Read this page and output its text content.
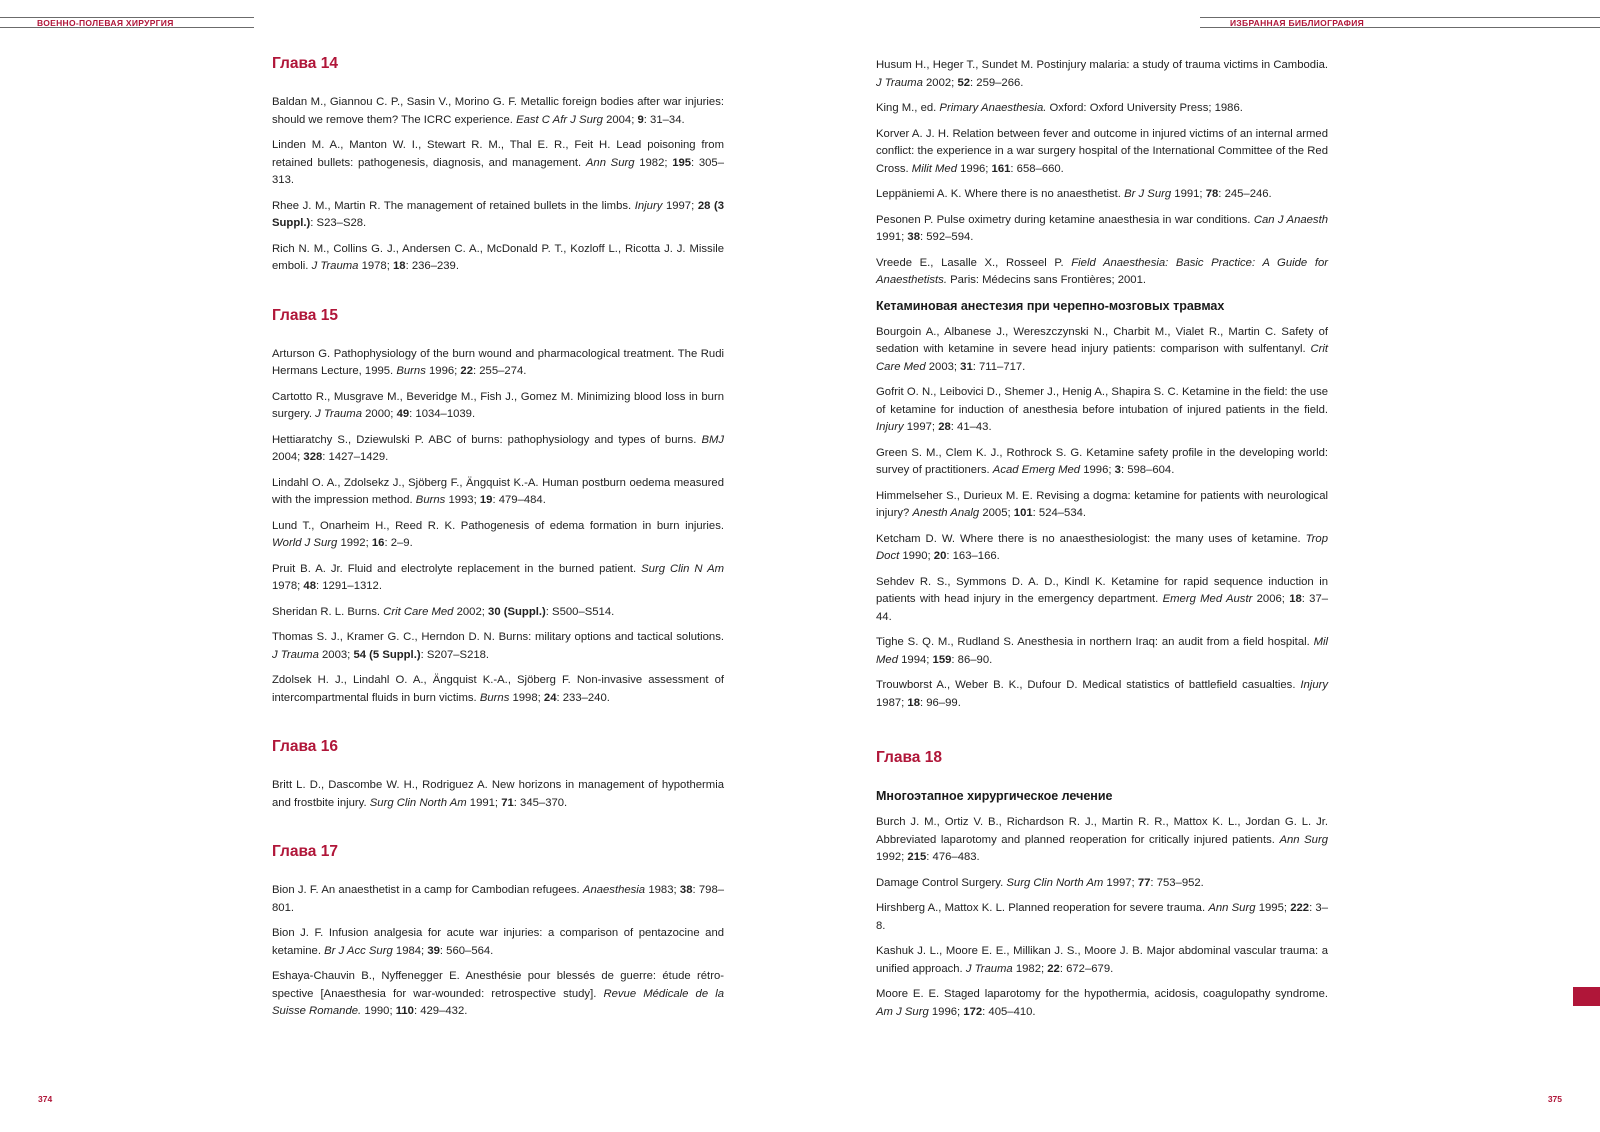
ВОЕННО-ПОЛЕВАЯ ХИРУРГИЯ
Глава 14

Baldan M., Giannou C. P., Sasin V., Morino G. F. Metallic foreign bodies after war injuries: should we remove them? The ICRC experience. East C Afr J Surg 2004; 9: 31–34.

Linden M. A., Manton W. I., Stewart R. M., Thal E. R., Feit H. Lead poisoning from retained bullets: pathogenesis, diagnosis, and management. Ann Surg 1982; 195: 305–313.

Rhee J. M., Martin R. The management of retained bullets in the limbs. Injury 1997; 28 (3 Suppl.): S23–S28.

Rich N. M., Collins G. J., Andersen C. A., McDonald P. T., Kozloff L., Ricotta J. J. Missile emboli. J Trauma 1978; 18: 236–239.

Глава 15

Arturson G. Pathophysiology of the burn wound and pharmacological treatment. The Rudi Hermans Lecture, 1995. Burns 1996; 22: 255–274.

Cartotto R., Musgrave M., Beveridge M., Fish J., Gomez M. Minimizing blood loss in burn surgery. J Trauma 2000; 49: 1034–1039.

Hettiaratchy S., Dziewulski P. ABC of burns: pathophysiology and types of burns. BMJ 2004; 328: 1427–1429.

Lindahl O. A., Zdolsekz J., Sjöberg F., Ängquist K.-A. Human postburn oedema measured with the impression method. Burns 1993; 19: 479–484.

Lund T., Onarheim H., Reed R. K. Pathogenesis of edema formation in burn injuries. World J Surg 1992; 16: 2–9.

Pruit B. A. Jr. Fluid and electrolyte replacement in the burned patient. Surg Clin N Am 1978; 48: 1291–1312.

Sheridan R. L. Burns. Crit Care Med 2002; 30 (Suppl.): S500–S514.

Thomas S. J., Kramer G. C., Herndon D. N. Burns: military options and tactical solutions. J Trauma 2003; 54 (5 Suppl.): S207–S218.

Zdolsek H. J., Lindahl O. A., Ängquist K.-A., Sjöberg F. Non-invasive assessment of intercompartmental fluids in burn victims. Burns 1998; 24: 233–240.

Глава 16

Britt L. D., Dascombe W. H., Rodriguez A. New horizons in management of hypothermia and frostbite injury. Surg Clin North Am 1991; 71: 345–370.

Глава 17

Bion J. F. An anaesthetist in a camp for Cambodian refugees. Anaesthesia 1983; 38: 798–801.

Bion J. F. Infusion analgesia for acute war injuries: a comparison of pentazocine and ketamine. Br J Acc Surg 1984; 39: 560–564.

Eshaya-Chauvin B., Nyffenegger E. Anesthésie pour blessés de guerre: étude rétro-spective [Anaesthesia for war-wounded: retrospective study]. Revue Médicale de la Suisse Romande. 1990; 110: 429–432.

374
ИЗБРАННАЯ БИБЛИОГРАФИЯ

Husum H., Heger T., Sundet M. Postinjury malaria: a study of trauma victims in Cambodia. J Trauma 2002; 52: 259–266.

King M., ed. Primary Anaesthesia. Oxford: Oxford University Press; 1986.

Korver A. J. H. Relation between fever and outcome in injured victims of an internal armed conflict: the experience in a war surgery hospital of the International Committee of the Red Cross. Milit Med 1996; 161: 658–660.

Leppäniemi A. K. Where there is no anaesthetist. Br J Surg 1991; 78: 245–246.

Pesonen P. Pulse oximetry during ketamine anaesthesia in war conditions. Can J Anaesth 1991; 38: 592–594.

Vreede E., Lasalle X., Rosseel P. Field Anaesthesia: Basic Practice: A Guide for Anaesthetists. Paris: Médecins sans Frontières; 2001.

Кетаминовая анестезия при черепно-мозговых травмах

Bourgoin A., Albanese J., Wereszczynski N., Charbit M., Vialet R., Martin C. Safety of sedation with ketamine in severe head injury patients: comparison with sulfentanyl. Crit Care Med 2003; 31: 711–717.

Gofrit O. N., Leibovici D., Shemer J., Henig A., Shapira S. C. Ketamine in the field: the use of ketamine for induction of anesthesia before intubation of injured patients in the field. Injury 1997; 28: 41–43.

Green S. M., Clem K. J., Rothrock S. G. Ketamine safety profile in the developing world: survey of practitioners. Acad Emerg Med 1996; 3: 598–604.

Himmelseher S., Durieux M. E. Revising a dogma: ketamine for patients with neurological injury? Anesth Analg 2005; 101: 524–534.

Ketcham D. W. Where there is no anaesthesiologist: the many uses of ketamine. Trop Doct 1990; 20: 163–166.

Sehdev R. S., Symmons D. A. D., Kindl K. Ketamine for rapid sequence induction in patients with head injury in the emergency department. Emerg Med Austr 2006; 18: 37–44.

Tighe S. Q. M., Rudland S. Anesthesia in northern Iraq: an audit from a field hospital. Mil Med 1994; 159: 86–90.

Trouwborst A., Weber B. K., Dufour D. Medical statistics of battlefield casualties. Injury 1987; 18: 96–99.

Глава 18
Многоэтапное хирургическое лечение

Burch J. M., Ortiz V. B., Richardson R. J., Martin R. R., Mattox K. L., Jordan G. L. Jr. Abbreviated laparotomy and planned reoperation for critically injured patients. Ann Surg 1992; 215: 476–483.

Damage Control Surgery. Surg Clin North Am 1997; 77: 753–952.

Hirshberg A., Mattox K. L. Planned reoperation for severe trauma. Ann Surg 1995; 222: 3–8.

Kashuk J. L., Moore E. E., Millikan J. S., Moore J. B. Major abdominal vascular trauma: a unified approach. J Trauma 1982; 22: 672–679.

Moore E. E. Staged laparotomy for the hypothermia, acidosis, coagulopathy syndrome. Am J Surg 1996; 172: 405–410.

375
